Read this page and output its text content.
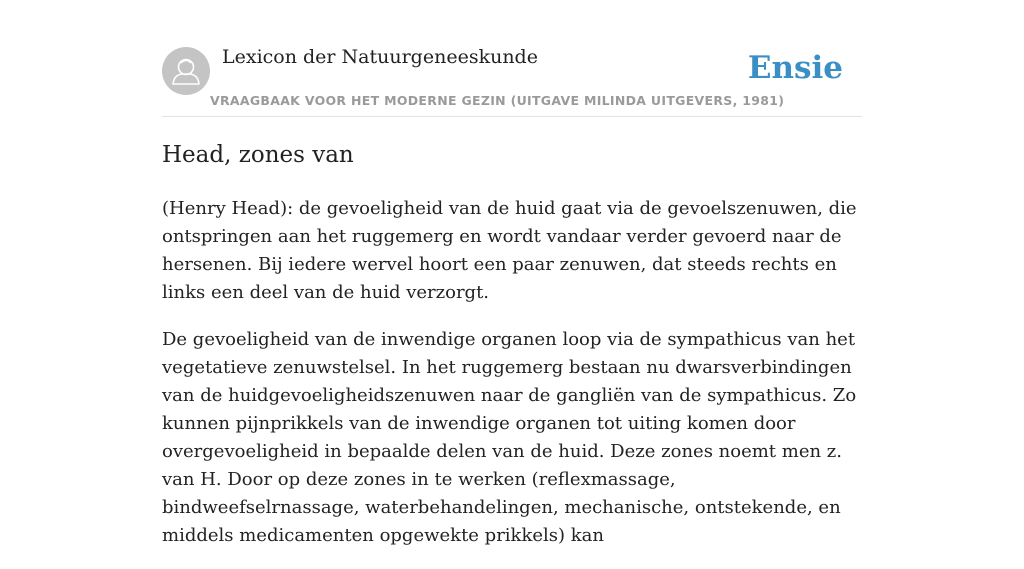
Lexicon der Natuurgeneeskunde
VRAAGBAAK VOOR HET MODERNE GEZIN (UITGAVE MILINDA UITGEVERS, 1981)
Ensie
Head, zones van

(Henry Head): de gevoeligheid van de huid gaat via de gevoelszenuwen, die ontspringen aan het ruggemerg en wordt vandaar verder gevoerd naar de hersenen. Bij iedere wervel hoort een paar zenuwen, dat steeds rechts en links een deel van de huid verzorgt.

De gevoeligheid van de inwendige organen loop via de sympathicus van het vegetatieve zenuwstelsel. In het ruggemerg bestaan nu dwarsverbindingen van de huidgevoeligheidszenuwen naar de gangliën van de sympathicus. Zo kunnen pijnprikkels van de inwendige organen tot uiting komen door overgevoeligheid in bepaalde delen van de huid. Deze zones noemt men z. van H. Door op deze zones in te werken (reflexmassage, bindweefselrnassage, waterbehandelingen, mechanische, ontstekende, en middels medicamenten opgewekte prikkels) kan
